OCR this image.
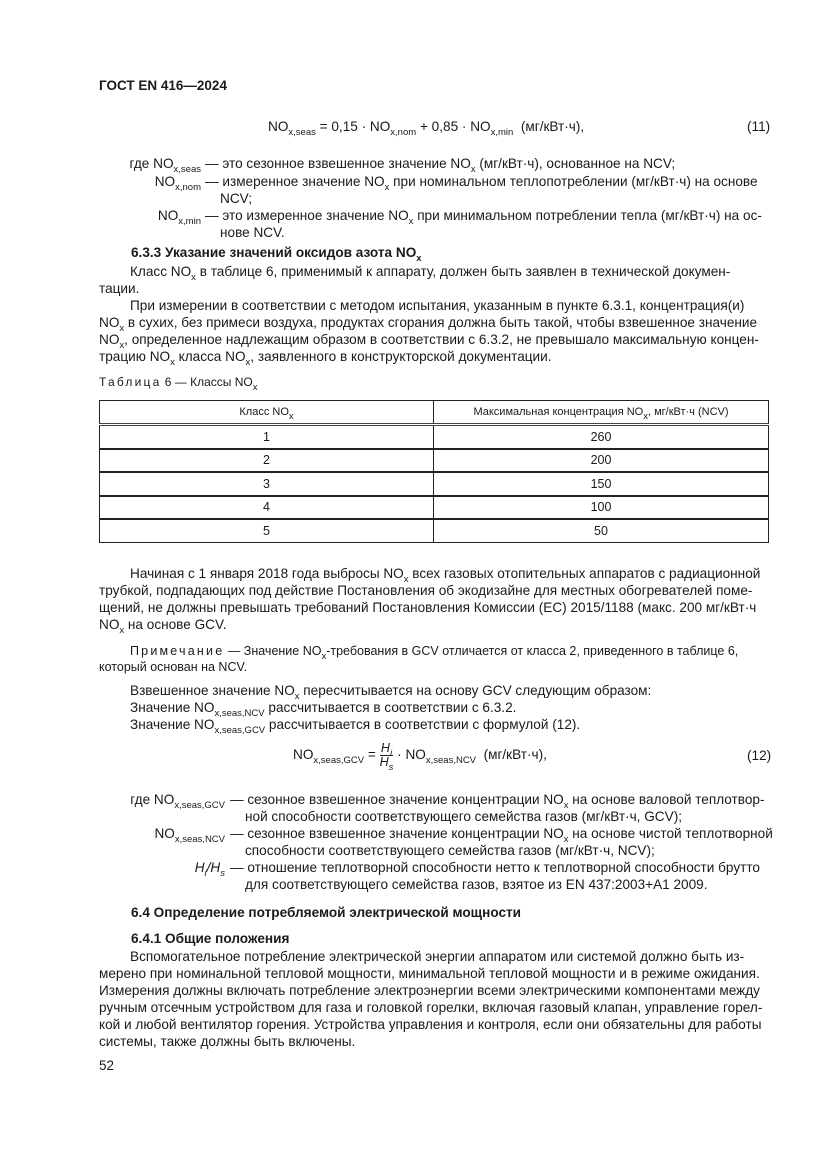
ГОСТ EN 416—2024
$NO_{x,seas} = 0,15 \cdot NO_{x,nom} + 0,85 \cdot NO_{x,min}$ (мг/кВт·ч),	(11)
где $NO_{x,seas}$ — это сезонное взвешенное значение $NO_x$ (мг/кВт·ч), основанное на NCV;
$NO_{x,nom}$ — измеренное значение $NO_x$ при номинальном теплопотреблении (мг/кВт·ч) на основе
NCV;
$NO_{x,min}$ — это измеренное значение $NO_x$ при минимальном потреблении тепла (мг/кВт·ч) на ос-
нове NCV.
6.3.3 Указание значений оксидов азота $NO_x$
Класс $NO_x$ в таблице 6, применимый к аппарату, должен быть заявлен в технической докумен-
тации.
При измерении в соответствии с методом испытания, указанным в пункте 6.3.1, концентрация(и)
$NO_x$ в сухих, без примеси воздуха, продуктах сгорания должна быть такой, чтобы взвешенное значение
$NO_x$, определенное надлежащим образом в соответствии с 6.3.2, не превышало максимальную концен-
трацию $NO_x$ класса $NO_x$, заявленного в конструкторской документации.
Таблица 6 — Классы $NO_x$
Класс $NO_x$	Максимальная концентрация $NO_x$, мг/кВт·ч (NCV)
1	260
2	200
3	150
4	100
5	50
Начиная с 1 января 2018 года выбросы $NO_x$ всех газовых отопительных аппаратов с радиационной
трубкой, подпадающих под действие Постановления об экодизайне для местных обогревателей поме-
щений, не должны превышать требований Постановления Комиссии (ЕС) 2015/1188 (макс. 200 мг/кВт·ч
$NO_x$ на основе GCV.
Примечание — Значение $NO_x$-требования в GCV отличается от класса 2, приведенного в таблице 6,
который основан на NCV.
Взвешенное значение $NO_x$ пересчитывается на основу GCV следующим образом:
Значение $NO_{x,seas,NCV}$ рассчитывается в соответствии с 6.3.2.
Значение $NO_{x,seas,GCV}$ рассчитывается в соответствии с формулой (12).
$NO_{x,seas,GCV} = \frac{H_i}{H_s} \cdot NO_{x,seas,NCV}$ (мг/кВт·ч),	(12)
где $NO_{x,seas,GCV}$ — сезонное взвешенное значение концентрации $NO_x$ на основе валовой теплотвор-
ной способности соответствующего семейства газов (мг/кВт·ч, GCV);
$NO_{x,seas,NCV}$ — сезонное взвешенное значение концентрации $NO_x$ на основе чистой теплотворной
способности соответствующего семейства газов (мг/кВт·ч, NCV);
$H_i/H_s$ — отношение теплотворной способности нетто к теплотворной способности брутто
для соответствующего семейства газов, взятое из EN 437:2003+A1 2009.
6.4 Определение потребляемой электрической мощности
6.4.1 Общие положения
Вспомогательное потребление электрической энергии аппаратом или системой должно быть из-
мерено при номинальной тепловой мощности, минимальной тепловой мощности и в режиме ожидания.
Измерения должны включать потребление электроэнергии всеми электрическими компонентами между
ручным отсечным устройством для газа и головкой горелки, включая газовый клапан, управление горел-
кой и любой вентилятор горения. Устройства управления и контроля, если они обязательны для работы
системы, также должны быть включены.
52
